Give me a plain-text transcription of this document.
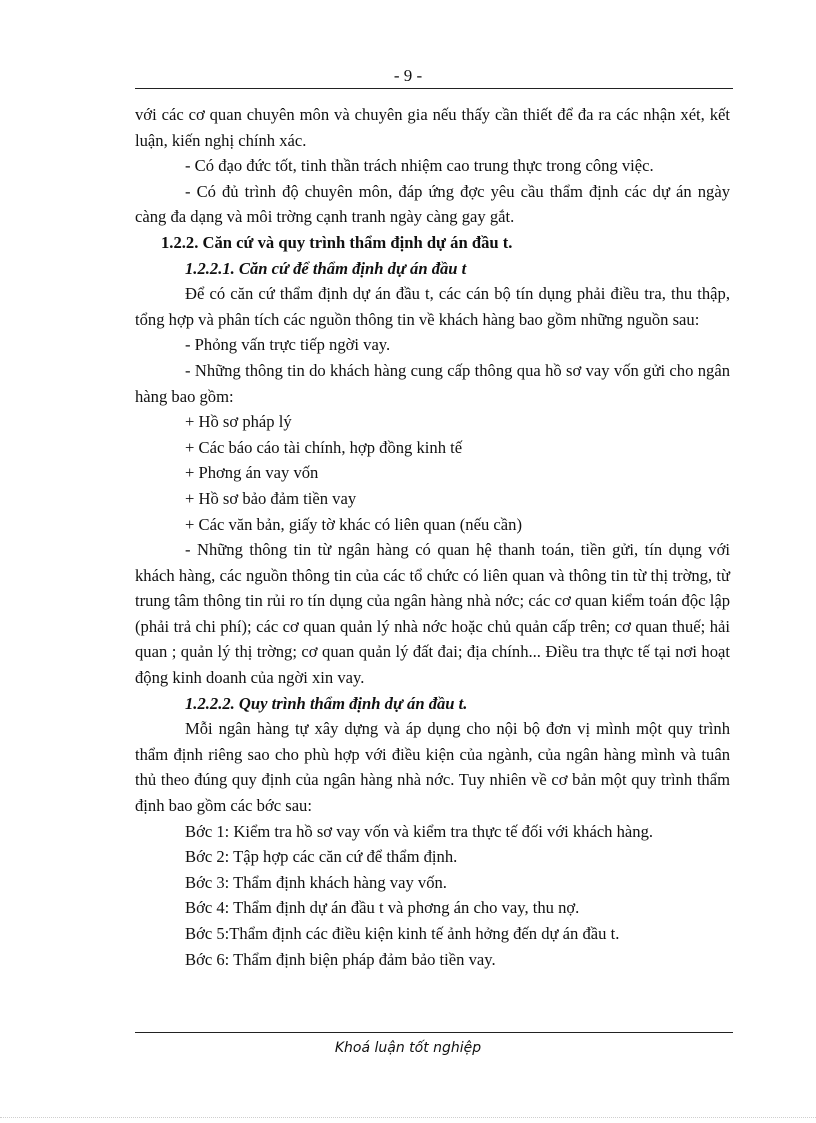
- 9 -

với các cơ quan chuyên môn và chuyên gia nếu thấy cần thiết để đa ra các nhận xét, kết luận, kiến nghị chính xác.

- Có đạo đức tốt, tinh thần trách nhiệm cao trung thực trong công việc.

- Có đủ trình độ chuyên môn, đáp ứng đợc yêu cầu thẩm định các dự án ngày càng đa dạng và môi trờng cạnh tranh ngày càng gay gắt.

1.2.2. Căn cứ và quy trình thẩm định dự án đầu t.

1.2.2.1. Căn cứ để thẩm định dự án đầu t

Để có căn cứ thẩm định dự án đầu t, các cán bộ tín dụng phải điều tra, thu thập, tổng hợp và phân tích các nguồn thông tin về khách hàng bao gồm những nguồn sau:

- Phỏng vấn trực tiếp ngời vay.

- Những thông tin do khách hàng cung cấp thông qua hồ sơ vay vốn gửi cho ngân hàng bao gồm:

+ Hồ sơ pháp lý

+ Các báo cáo tài chính, hợp đồng kinh tế

+ Phơng án vay vốn

+ Hồ sơ bảo đảm tiền vay

+ Các văn bản, giấy tờ khác có liên quan (nếu cần)

- Những thông tin từ ngân hàng có quan hệ thanh toán, tiền gửi, tín dụng với khách hàng, các nguồn thông tin của các tổ chức có liên quan và thông tin từ thị trờng, từ trung tâm thông tin rủi ro tín dụng của ngân hàng nhà nớc; các cơ quan kiểm toán độc lập (phải trả chi phí); các cơ quan quản lý nhà nớc hoặc chủ quản cấp trên; cơ quan thuế; hải quan ; quản lý thị trờng; cơ quan quản lý đất đai; địa chính... Điều tra thực tế tại nơi hoạt động kinh doanh của ngời xin vay.

1.2.2.2. Quy trình thẩm định dự án đầu t.

Mỗi ngân hàng tự xây dựng và áp dụng cho nội bộ đơn vị mình một quy trình thẩm định riêng sao cho phù hợp với điều kiện của ngành, của ngân hàng mình và tuân thủ theo đúng quy định của ngân hàng nhà nớc. Tuy nhiên về cơ bản một quy trình thẩm định bao gồm các bớc sau:

Bớc 1: Kiểm tra hồ sơ vay vốn và kiểm tra thực tế đối với khách hàng.

Bớc 2: Tập hợp các căn cứ để thẩm định.

Bớc 3: Thẩm định khách hàng vay vốn.

Bớc 4: Thẩm định dự án đầu t và phơng án cho vay, thu nợ.

Bớc 5:Thẩm định các điều kiện kinh tế ảnh hởng đến dự án đầu t.

Bớc 6: Thẩm định biện pháp đảm bảo tiền vay.

Khoá luận tốt nghiệp
